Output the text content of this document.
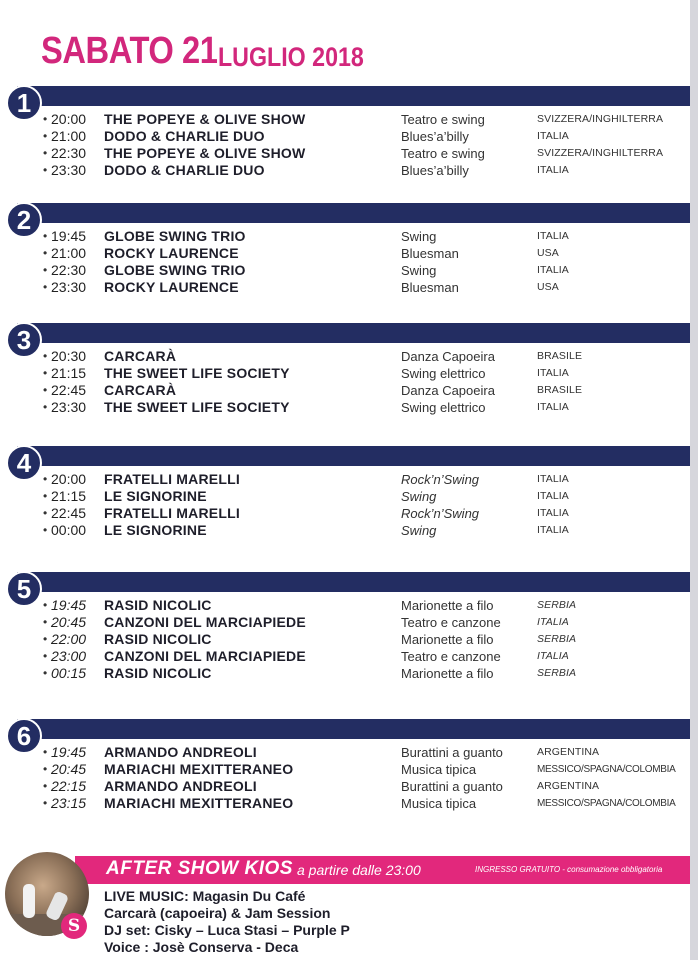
SABATO 21 LUGLIO 2018
1
• 20:00 THE POPEYE & OLIVE SHOW	Teatro e swing	SVIZZERA/INGHILTERRA
• 21:00 DODO & CHARLIE DUO	Blues’a’billy	ITALIA
• 22:30 THE POPEYE & OLIVE SHOW	Teatro e swing	SVIZZERA/INGHILTERRA
• 23:30 DODO & CHARLIE DUO	Blues’a’billy	ITALIA
2
• 19:45 GLOBE SWING TRIO	Swing	ITALIA
• 21:00 ROCKY LAURENCE	Bluesman	USA
• 22:30 GLOBE SWING TRIO	Swing	ITALIA
• 23:30 ROCKY LAURENCE	Bluesman	USA
3
• 20:30 CARCARÀ	Danza Capoeira	BRASILE
• 21:15 THE SWEET LIFE SOCIETY	Swing elettrico	ITALIA
• 22:45 CARCARÀ	Danza Capoeira	BRASILE
• 23:30 THE SWEET LIFE SOCIETY	Swing elettrico	ITALIA
4
• 20:00 FRATELLI MARELLI	Rock’n’Swing	ITALIA
• 21:15 LE SIGNORINE	Swing	ITALIA
• 22:45 FRATELLI MARELLI	Rock’n’Swing	ITALIA
• 00:00 LE SIGNORINE	Swing	ITALIA
5
• 19:45 RASID NICOLIC	Marionette a filo	SERBIA
• 20:45 CANZONI DEL MARCIAPIEDE	Teatro e canzone	ITALIA
• 22:00 RASID NICOLIC	Marionette a filo	SERBIA
• 23:00 CANZONI DEL MARCIAPIEDE	Teatro e canzone	ITALIA
• 00:15 RASID NICOLIC	Marionette a filo	SERBIA
6
• 19:45 ARMANDO ANDREOLI	Burattini a guanto	ARGENTINA
• 20:45 MARIACHI MEXITTERANEO	Musica tipica	MESSICO/SPAGNA/COLOMBIA
• 22:15 ARMANDO ANDREOLI	Burattini a guanto	ARGENTINA
• 23:15 MARIACHI MEXITTERANEO	Musica tipica	MESSICO/SPAGNA/COLOMBIA
AFTER SHOW KIOS a partire dalle 23:00	INGRESSO GRATUITO - consumazione obbligatoria
S
LIVE MUSIC: Magasin Du Café
Carcarà (capoeira) & Jam Session
DJ set: Cisky – Luca Stasi – Purple P
Voice : Josè Conserva - Deca
